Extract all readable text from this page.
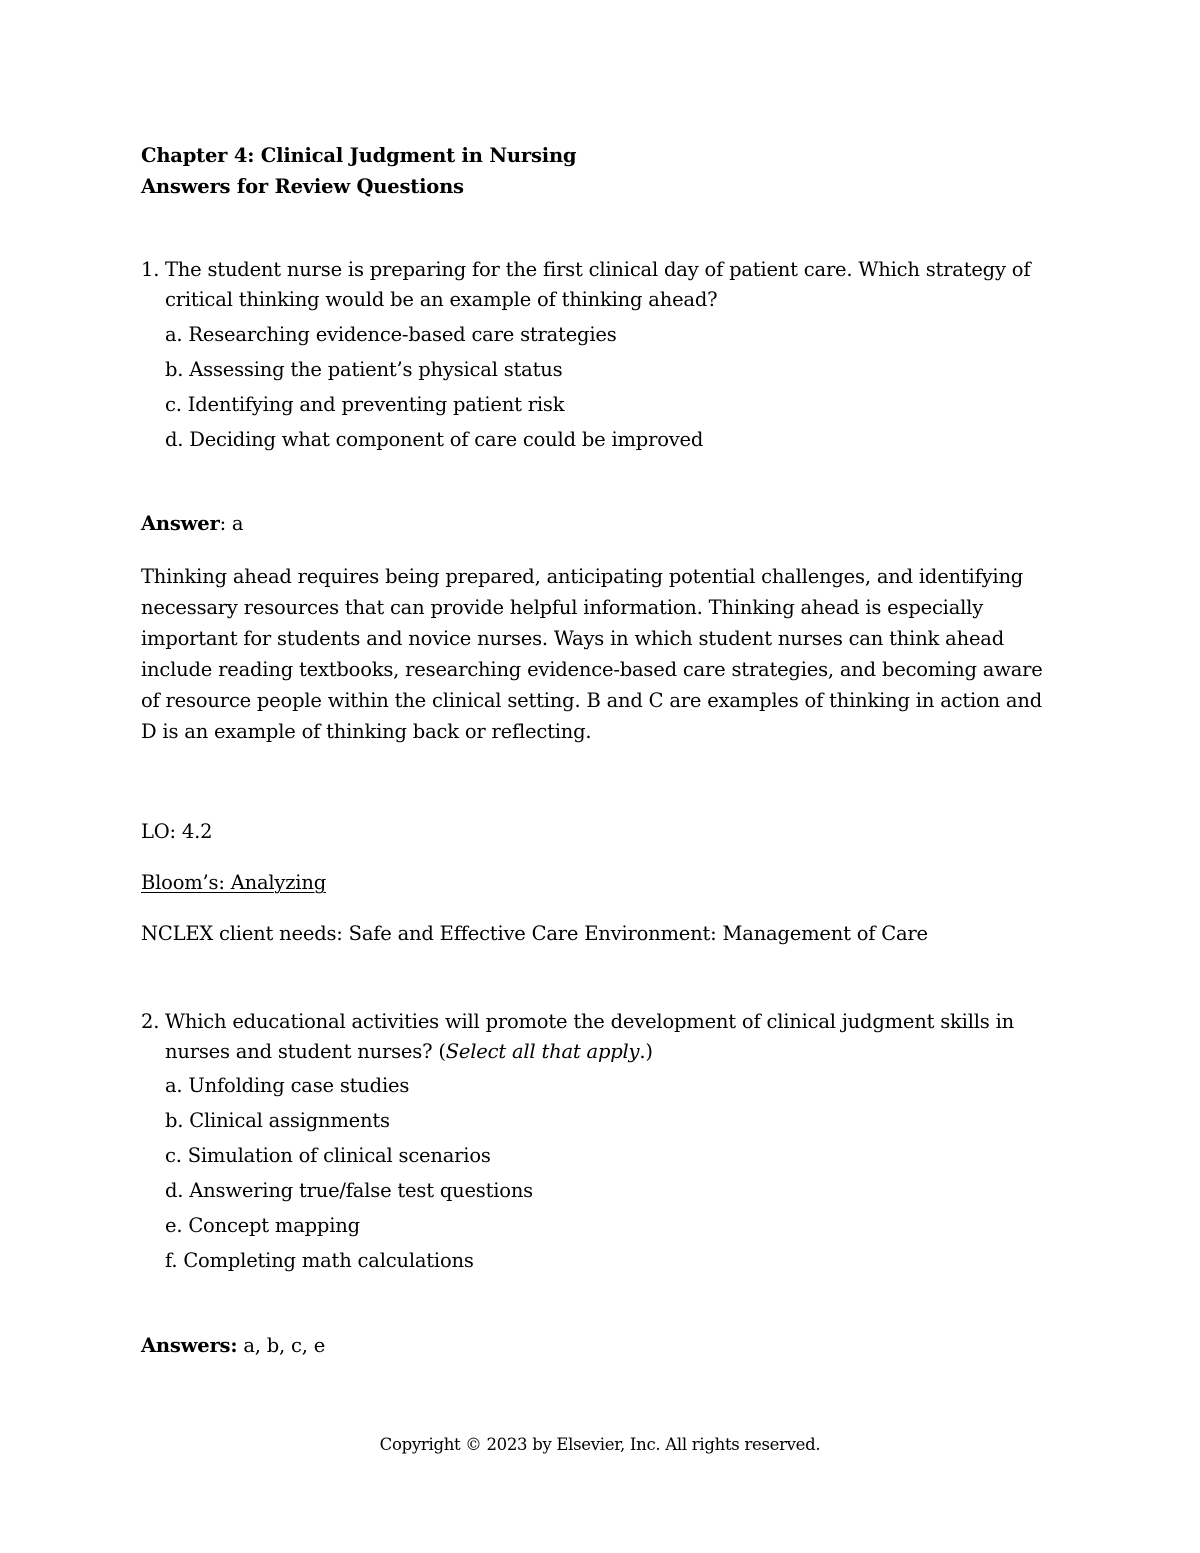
Chapter 4: Clinical Judgment in Nursing
Answers for Review Questions
1. The student nurse is preparing for the first clinical day of patient care. Which strategy of critical thinking would be an example of thinking ahead?
a. Researching evidence-based care strategies
b. Assessing the patient’s physical status
c. Identifying and preventing patient risk
d. Deciding what component of care could be improved
Answer: a
Thinking ahead requires being prepared, anticipating potential challenges, and identifying necessary resources that can provide helpful information. Thinking ahead is especially important for students and novice nurses. Ways in which student nurses can think ahead include reading textbooks, researching evidence-based care strategies, and becoming aware of resource people within the clinical setting. B and C are examples of thinking in action and D is an example of thinking back or reflecting.
LO: 4.2
Bloom’s: Analyzing
NCLEX client needs: Safe and Effective Care Environment: Management of Care
2. Which educational activities will promote the development of clinical judgment skills in nurses and student nurses? (Select all that apply.)
a. Unfolding case studies
b. Clinical assignments
c. Simulation of clinical scenarios
d. Answering true/false test questions
e. Concept mapping
f. Completing math calculations
Answers: a, b, c, e
Copyright © 2023 by Elsevier, Inc. All rights reserved.
